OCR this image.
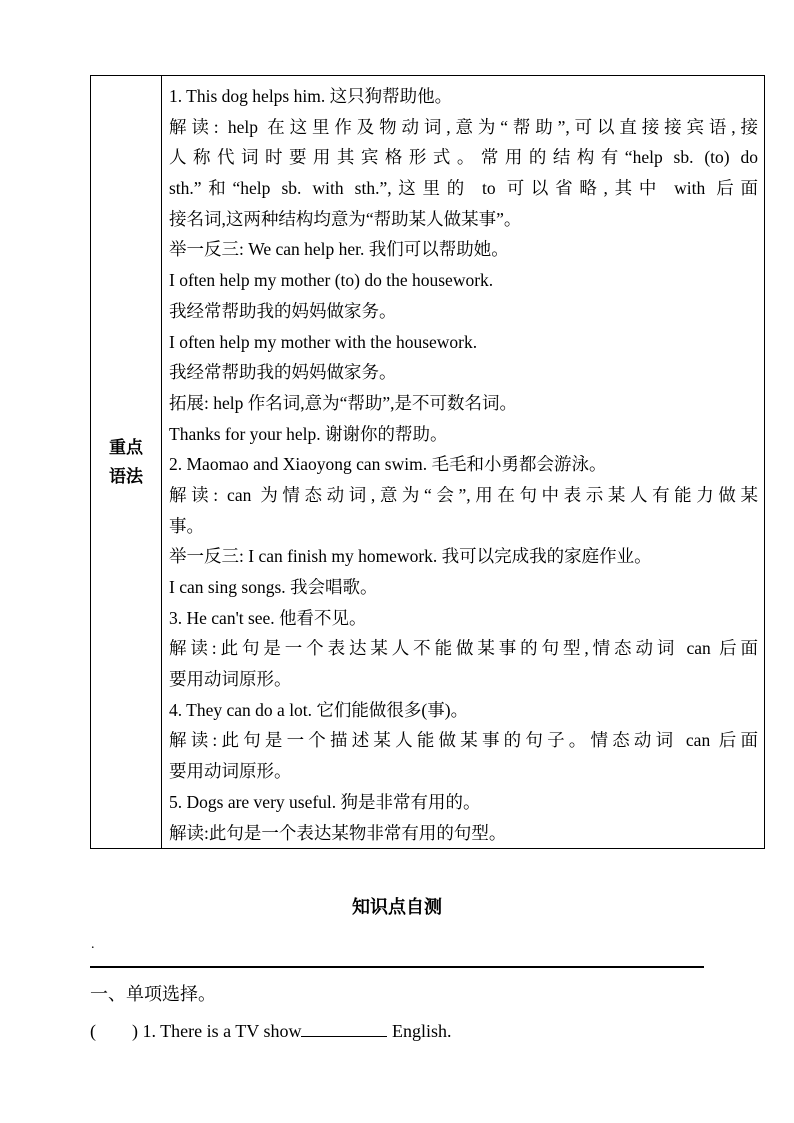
重点
语法

1. This dog helps him. 这只狗帮助他。
解读: help 在这里作及物动词,意为“帮助”,可以直接接宾语,接
人称代词时要用其宾格形式。常用的结构有“help sb. (to) do
sth.”和“help sb. with sth.”,这里的 to 可以省略,其中 with 后面
接名词,这两种结构均意为“帮助某人做某事”。
举一反三: We can help her. 我们可以帮助她。
I often help my mother (to) do the housework.
我经常帮助我的妈妈做家务。
I often help my mother with the housework.
我经常帮助我的妈妈做家务。
拓展: help 作名词,意为“帮助”,是不可数名词。
Thanks for your help. 谢谢你的帮助。
2. Maomao and Xiaoyong can swim. 毛毛和小勇都会游泳。
解读: can 为情态动词,意为“会”,用在句中表示某人有能力做某
事。
举一反三: I can finish my homework. 我可以完成我的家庭作业。
I can sing songs. 我会唱歌。
3. He can't see. 他看不见。
解读:此句是一个表达某人不能做某事的句型,情态动词 can 后面
要用动词原形。
4. They can do a lot. 它们能做很多(事)。
解读:此句是一个描述某人能做某事的句子。情态动词 can 后面
要用动词原形。
5. Dogs are very useful. 狗是非常有用的。
解读:此句是一个表达某物非常有用的句型。
知识点自测
.
一、单项选择。
(        ) 1. There is a TV show	English.
